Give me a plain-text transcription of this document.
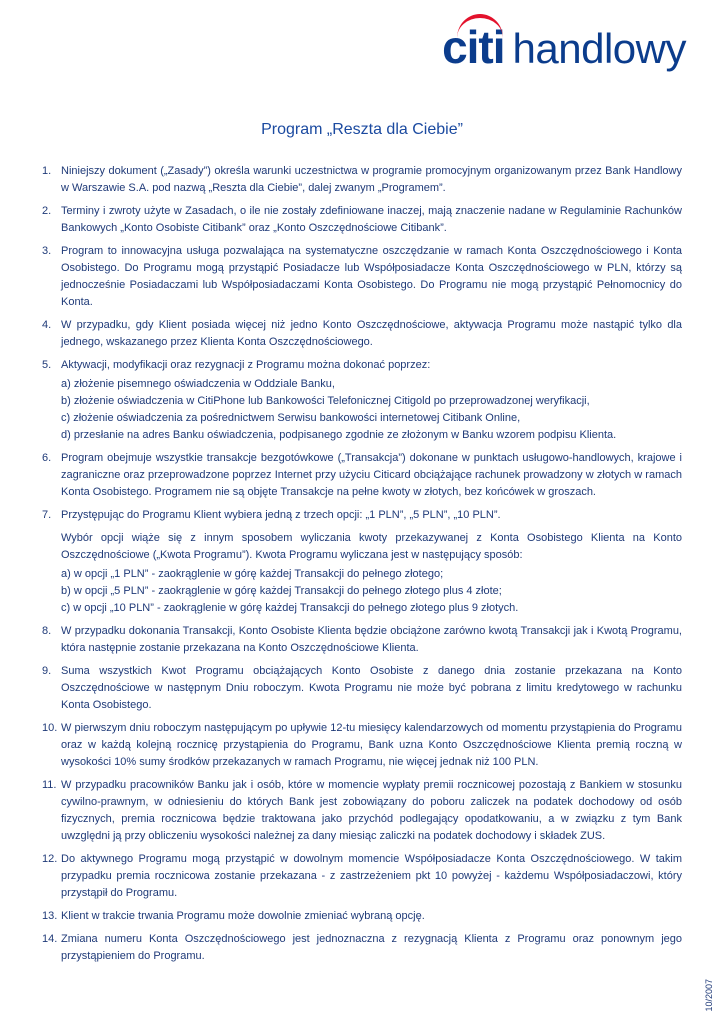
citi handlowy
Program „Reszta dla Ciebie”
1. Niniejszy dokument („Zasady”) określa warunki uczestnictwa w programie promocyjnym organizowanym przez Bank Handlowy w Warszawie S.A. pod nazwą „Reszta dla Ciebie”, dalej zwanym „Programem”.

2. Terminy i zwroty użyte w Zasadach, o ile nie zostały zdefiniowane inaczej, mają znaczenie nadane w Regulaminie Rachunków Bankowych „Konto Osobiste Citibank” oraz „Konto Oszczędnościowe Citibank”.

3. Program to innowacyjna usługa pozwalająca na systematyczne oszczędzanie w ramach Konta Oszczędnościowego i Konta Osobistego. Do Programu mogą przystąpić Posiadacze lub Współposiadacze Konta Oszczędnościowego w PLN, którzy są jednocześnie Posiadaczami lub Współposiadaczami Konta Osobistego. Do Programu nie mogą przystąpić Pełnomocnicy do Konta.

4. W przypadku, gdy Klient posiada więcej niż jedno Konto Oszczędnościowe, aktywacja Programu może nastąpić tylko dla jednego, wskazanego przez Klienta Konta Oszczędnościowego.

5. Aktywacji, modyfikacji oraz rezygnacji z Programu można dokonać poprzez:

a) złożenie pisemnego oświadczenia w Oddziale Banku,

b) złożenie oświadczenia w CitiPhone lub Bankowości Telefonicznej Citigold po przeprowadzonej weryfikacji,

c) złożenie oświadczenia za pośrednictwem Serwisu bankowości internetowej Citibank Online,

d) przesłanie na adres Banku oświadczenia, podpisanego zgodnie ze złożonym w Banku wzorem podpisu Klienta.

6. Program obejmuje wszystkie transakcje bezgotówkowe („Transakcja”) dokonane w punktach usługowo-handlowych, krajowe i zagraniczne oraz przeprowadzone poprzez Internet przy użyciu Citicard obciążające rachunek prowadzony w złotych w ramach Konta Osobistego. Programem nie są objęte Transakcje na pełne kwoty w złotych, bez końcówek w groszach.

7. Przystępując do Programu Klient wybiera jedną z trzech opcji: „1 PLN”, „5 PLN”, „10 PLN”.

Wybór opcji wiąże się z innym sposobem wyliczania kwoty przekazywanej z Konta Osobistego Klienta na Konto Oszczędnościowe („Kwota Programu”). Kwota Programu wyliczana jest w następujący sposób:

a) w opcji „1 PLN” - zaokrąglenie w górę każdej Transakcji do pełnego złotego;

b) w opcji „5 PLN” - zaokrąglenie w górę każdej Transakcji do pełnego złotego plus 4 złote;

c) w opcji „10 PLN” - zaokrąglenie w górę każdej Transakcji do pełnego złotego plus 9 złotych.

8. W przypadku dokonania Transakcji, Konto Osobiste Klienta będzie obciążone zarówno kwotą Transakcji jak i Kwotą Programu, która następnie zostanie przekazana na Konto Oszczędnościowe Klienta.

9. Suma wszystkich Kwot Programu obciążających Konto Osobiste z danego dnia zostanie przekazana na Konto Oszczędnościowe w następnym Dniu roboczym. Kwota Programu nie może być pobrana z limitu kredytowego w rachunku Konta Osobistego.

10. W pierwszym dniu roboczym następującym po upływie 12-tu miesięcy kalendarzowych od momentu przystąpienia do Programu oraz w każdą kolejną rocznicę przystąpienia do Programu, Bank uzna Konto Oszczędnościowe Klienta premią roczną w wysokości 10% sumy środków przekazanych w ramach Programu, nie więcej jednak niż 100 PLN.

11. W przypadku pracowników Banku jak i osób, które w momencie wypłaty premii rocznicowej pozostają z Bankiem w stosunku cywilno-prawnym, w odniesieniu do których Bank jest zobowiązany do poboru zaliczek na podatek dochodowy od osób fizycznych, premia rocznicowa będzie traktowana jako przychód podlegający opodatkowaniu, a w związku z tym Bank uwzględni ją przy obliczeniu wysokości należnej za dany miesiąc zaliczki na podatek dochodowy i składek ZUS.

12. Do aktywnego Programu mogą przystąpić w dowolnym momencie Współposiadacze Konta Oszczędnościowego. W takim przypadku premia rocznicowa zostanie przekazana - z zastrzeżeniem pkt 10 powyżej - każdemu Współposiadaczowi, który przystąpił do Programu.

13. Klient w trakcie trwania Programu może dowolnie zmieniać wybraną opcję.

14. Zmiana numeru Konta Oszczędnościowego jest jednoznaczna z rezygnacją Klienta z Programu oraz ponownym jego przystąpieniem do Programu.

10/2007
